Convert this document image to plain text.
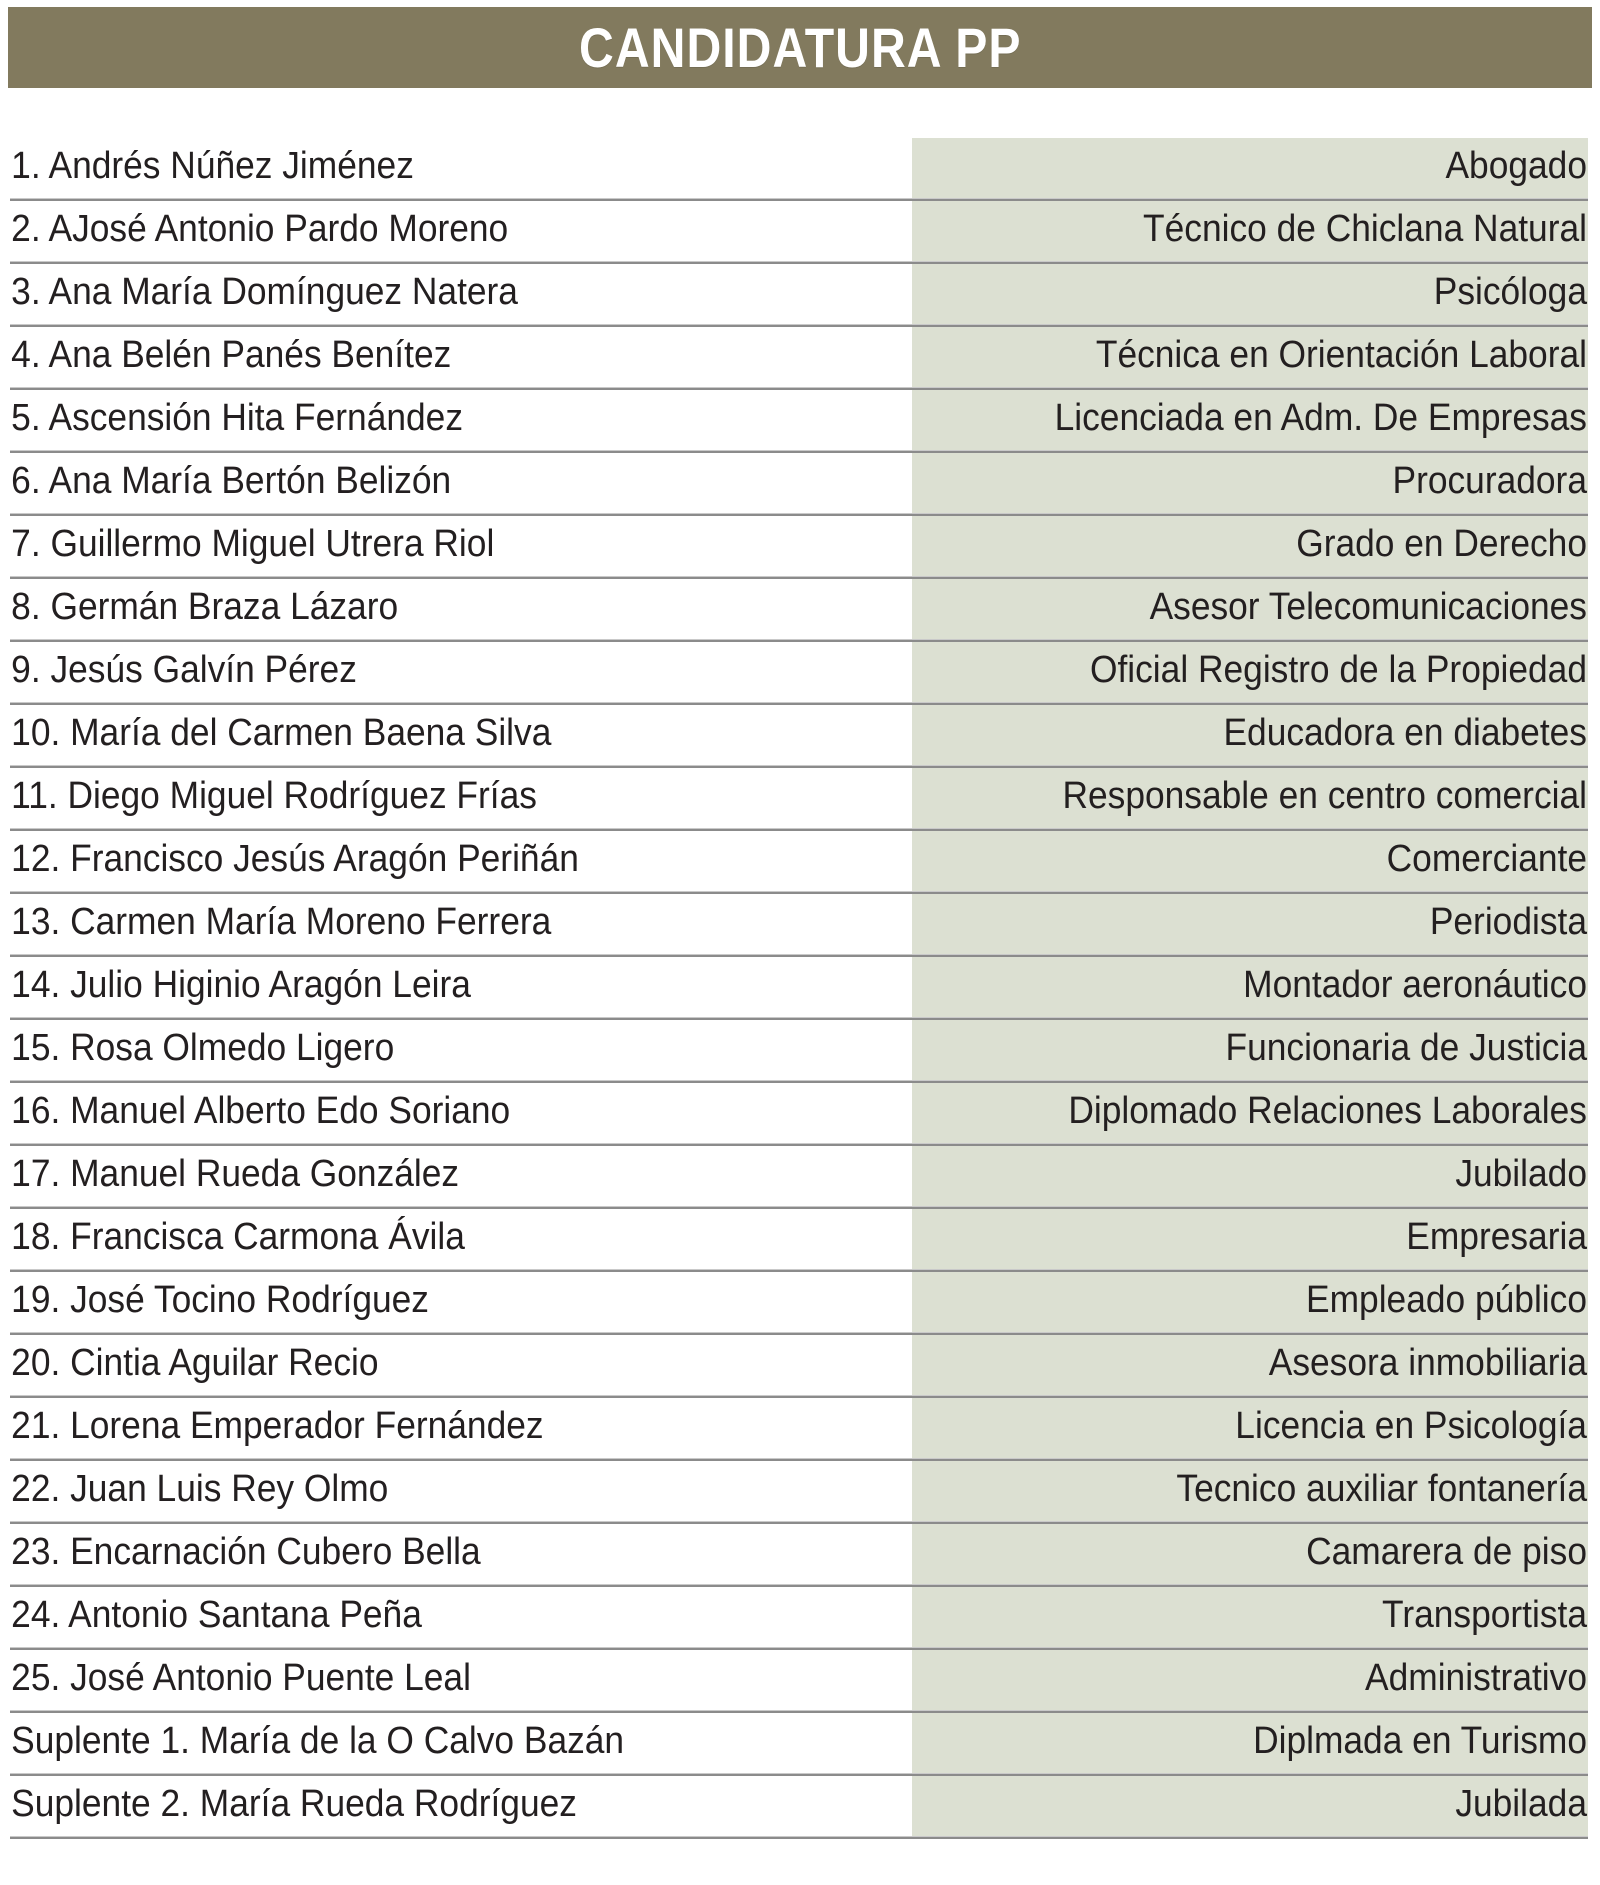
CANDIDATURA PP
1. Andrés Núñez Jiménez	Abogado
2. AJosé Antonio Pardo Moreno	Técnico de Chiclana Natural
3. Ana María Domínguez Natera	Psicóloga
4. Ana Belén Panés Benítez	Técnica en Orientación Laboral
5. Ascensión Hita Fernández	Licenciada en Adm. De Empresas
6. Ana María Bertón Belizón	Procuradora
7. Guillermo Miguel Utrera Riol	Grado en Derecho
8. Germán Braza Lázaro	Asesor Telecomunicaciones
9. Jesús Galvín Pérez	Oficial Registro de la Propiedad
10. María del Carmen Baena Silva	Educadora en diabetes
11. Diego Miguel Rodríguez Frías	Responsable en centro comercial
12. Francisco Jesús Aragón Periñán	Comerciante
13. Carmen María Moreno Ferrera	Periodista
14. Julio Higinio Aragón Leira	Montador aeronáutico
15. Rosa Olmedo Ligero	Funcionaria de Justicia
16. Manuel Alberto Edo Soriano	Diplomado Relaciones Laborales
17. Manuel Rueda González	Jubilado
18. Francisca Carmona Ávila	Empresaria
19. José Tocino Rodríguez	Empleado público
20. Cintia Aguilar Recio	Asesora inmobiliaria
21. Lorena Emperador Fernández	Licencia en Psicología
22. Juan Luis Rey Olmo	Tecnico auxiliar fontanería
23. Encarnación Cubero Bella	Camarera de piso
24. Antonio Santana Peña	Transportista
25. José Antonio Puente Leal	Administrativo
Suplente 1. María de la O Calvo Bazán	Diplmada en Turismo
Suplente 2. María Rueda Rodríguez	Jubilada
